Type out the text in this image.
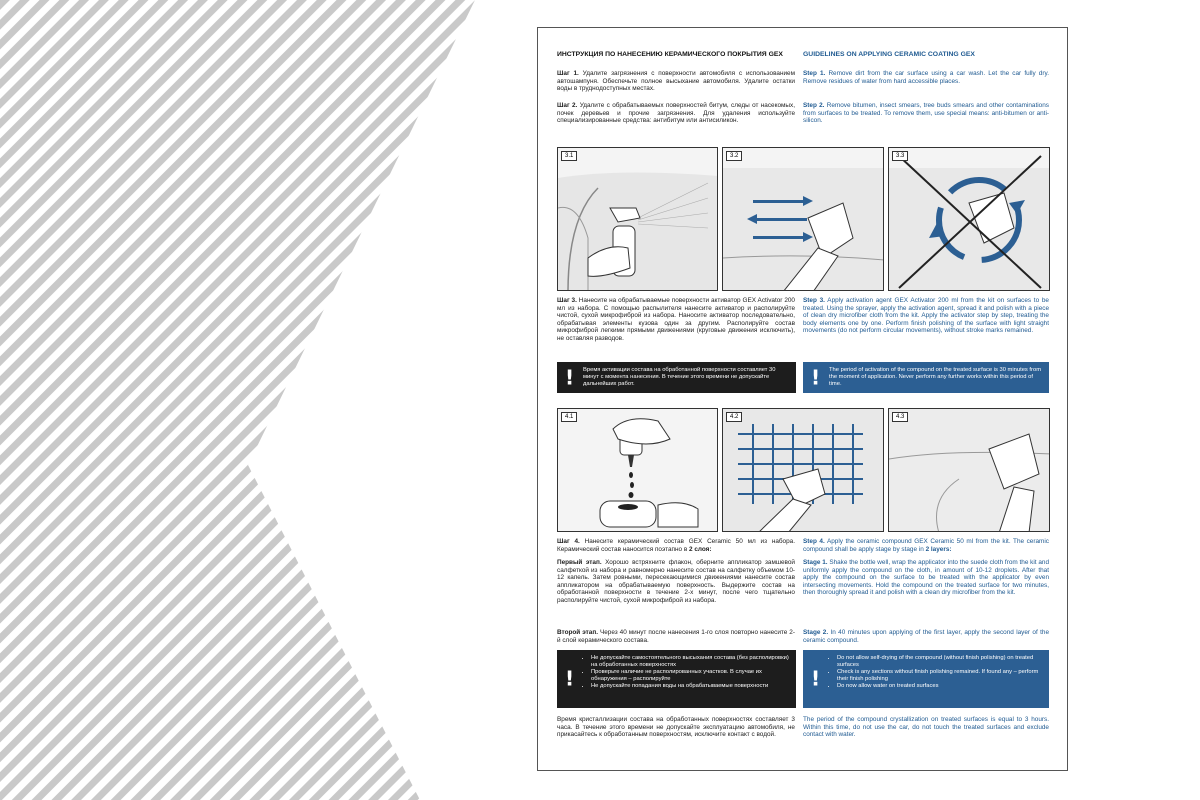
ИНСТРУКЦИЯ ПО НАНЕСЕНИЮ КЕРАМИЧЕСКОГО ПОКРЫТИЯ GEX	GUIDELINES ON APPLYING CERAMIC COATING GEX

Шаг 1. Удалите загрязнения с поверхности автомобиля с использованием автошампуня. Обеспечьте полное высыхание автомобиля. Удалите остатки воды в труднодоступных местах.

Step 1. Remove dirt from the car surface using a car wash. Let the car fully dry. Remove residues of water from hard accessible places.

Шаг 2. Удалите с обрабатываемых поверхностей битум, следы от насекомых, почек деревьев и прочие загрязнения. Для удаления используйте специализированные средства: антибитум или антисиликон.

Step 2. Remove bitumen, insect smears, tree buds smears and other contaminations from surfaces to be treated. To remove them, use special means: anti-bitumen or anti-silicon.

3.1	3.2	3.3

Шаг 3. Нанесите на обрабатываемые поверхности активатор GEX Activator 200 мл из набора. С помощью распылителя нанесите активатор и располируйте чистой, сухой микрофиброй из набора. Наносите активатор последовательно, обрабатывая элементы кузова один за другим. Располируйте состав микрофиброй легкими прямыми движениями (круговые движения исключить), не оставляя разводов.

Step 3. Apply activation agent GEX Activator 200 ml from the kit on surfaces to be treated. Using the sprayer, apply the activation agent, spread it and polish with a piece of clean dry microfiber cloth from the kit. Apply the activator step by step, treating the body elements one by one. Perform finish polishing of the surface with light straight movements (do not perform circular movements), without stroke marks remained.

! Время активации состава на обработанной поверхности составляет 30 минут с момента нанесения. В течение этого времени не допускайте дальнейших работ.	! The period of activation of the compound on the treated surface is 30 minutes from the moment of application. Never perform any further works within this period of time.
4.1	4.2	4.3

Шаг 4. Нанесите керамический состав GEX Ceramic 50 мл из набора. Керамический состав наносится поэтапно в 2 слоя:

Step 4. Apply the ceramic compound GEX Ceramic 50 ml from the kit. The ceramic compound shall be apply stage by stage in 2 layers:

Первый этап. Хорошо встряхните флакон, оберните аппликатор замшевой салфеткой из набора и равномерно нанесите состав на салфетку объемом 10-12 капель. Затем ровными, пересекающимися движениями нанесите состав аппликатором на обрабатываемую поверхность. Выдержите состав на обработанной поверхности в течение 2-х минут, после чего тщательно располируйте чистой, сухой микрофиброй из набора.

Stage 1. Shake the bottle well, wrap the applicator into the suede cloth from the kit and uniformly apply the compound on the cloth, in amount of 10-12 droplets. After that apply the compound on the surface to be treated with the applicator by even intersecting movements. Hold the compound on the treated surface for two minutes, then thoroughly spread it and polish with a clean dry microfiber from the kit.

Второй этап. Через 40 минут после нанесения 1-го слоя повторно нанесите 2-й слой керамического состава.

Stage 2. In 40 minutes upon applying of the first layer, apply the second layer of the ceramic compound.

!
• Не допускайте самостоятельного высыхания состава (без располировки) на обработанных поверхностях
• Проверьте наличие не располированных участков. В случае их обнаружения – располируйте
• Не допускайте попадания воды на обрабатываемые поверхности	!
• Do not allow self-drying of the compound (without finish polishing) on treated surfaces
• Check is any sections without finish polishing remained. If found any – perform their finish polishing
• Do now allow water on treated surfaces

Время кристаллизации состава на обработанных поверхностях составляет 3 часа. В течение этого времени не допускайте эксплуатацию автомобиля, не прикасайтесь к обработанным поверхностям, исключите контакт с водой.

The period of the compound crystallization on treated surfaces is equal to 3 hours. Within this time, do not use the car, do not touch the treated surfaces and exclude contact with water.
